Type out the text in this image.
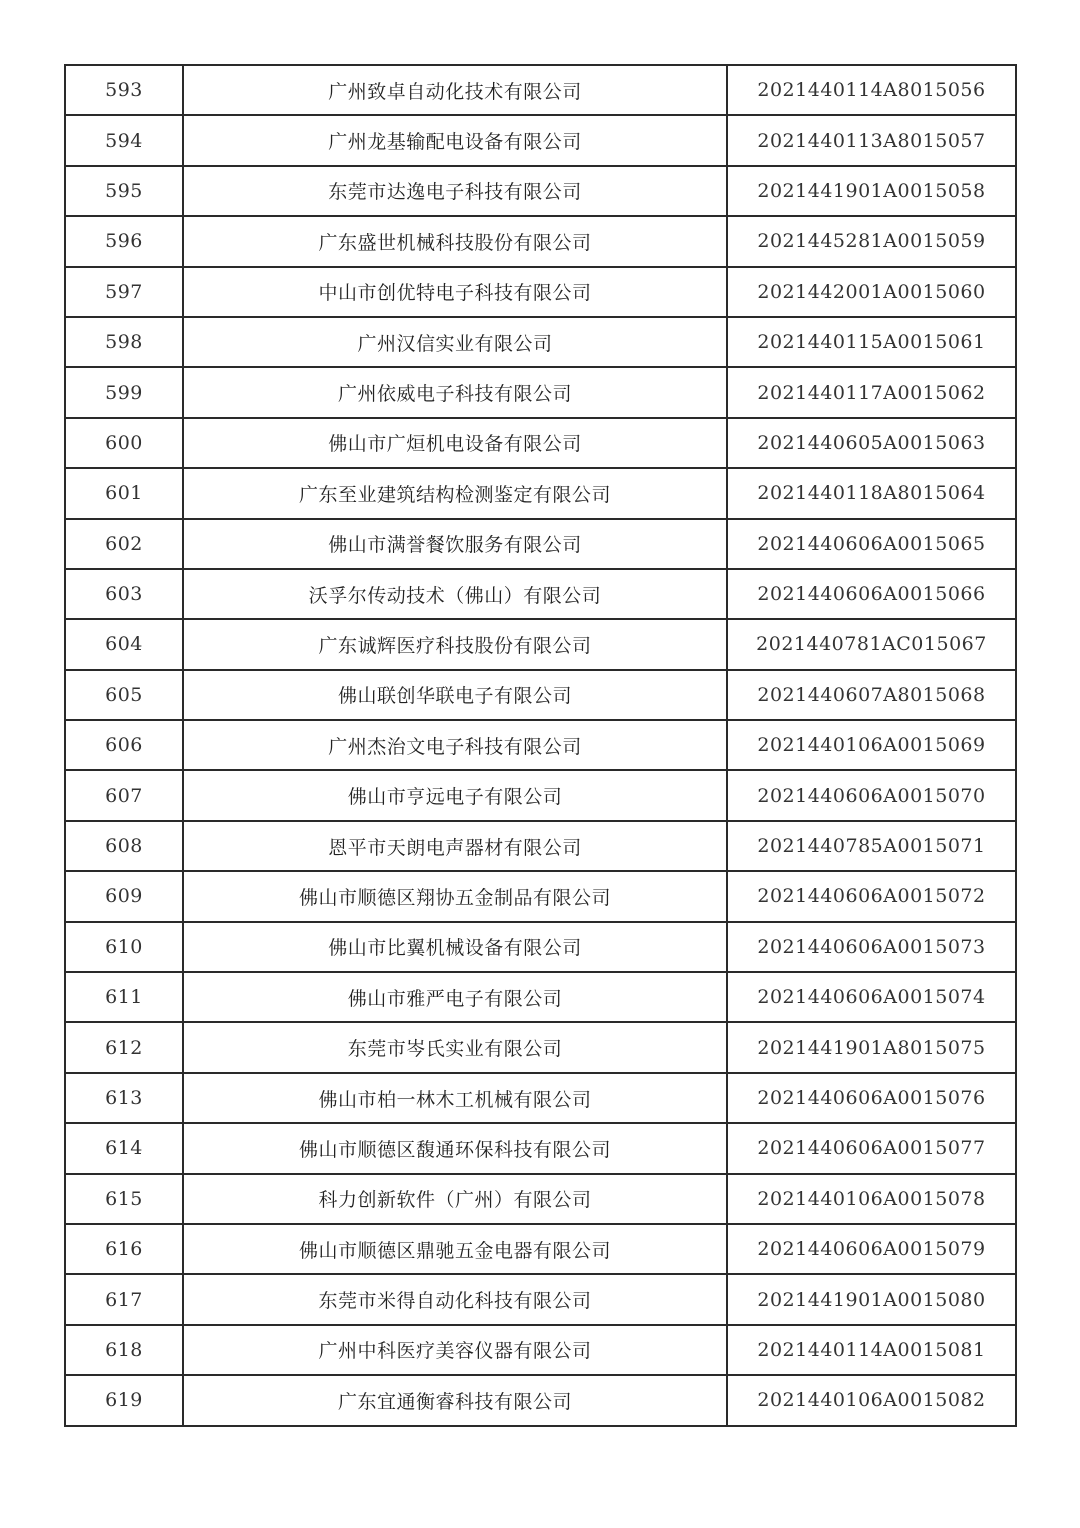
593	广州致卓自动化技术有限公司	2021440114A8015056
594	广州龙基输配电设备有限公司	2021440113A8015057
595	东莞市达逸电子科技有限公司	2021441901A0015058
596	广东盛世机械科技股份有限公司	2021445281A0015059
597	中山市创优特电子科技有限公司	2021442001A0015060
598	广州汉信实业有限公司	2021440115A0015061
599	广州依威电子科技有限公司	2021440117A0015062
600	佛山市广烜机电设备有限公司	2021440605A0015063
601	广东至业建筑结构检测鉴定有限公司	2021440118A8015064
602	佛山市满誉餐饮服务有限公司	2021440606A0015065
603	沃孚尔传动技术（佛山）有限公司	2021440606A0015066
604	广东诚辉医疗科技股份有限公司	2021440781AC015067
605	佛山联创华联电子有限公司	2021440607A8015068
606	广州杰治文电子科技有限公司	2021440106A0015069
607	佛山市亨远电子有限公司	2021440606A0015070
608	恩平市天朗电声器材有限公司	2021440785A0015071
609	佛山市顺德区翔协五金制品有限公司	2021440606A0015072
610	佛山市比翼机械设备有限公司	2021440606A0015073
611	佛山市雅严电子有限公司	2021440606A0015074
612	东莞市岑氏实业有限公司	2021441901A8015075
613	佛山市柏一林木工机械有限公司	2021440606A0015076
614	佛山市顺德区馥通环保科技有限公司	2021440606A0015077
615	科力创新软件（广州）有限公司	2021440106A0015078
616	佛山市顺德区鼎驰五金电器有限公司	2021440606A0015079
617	东莞市米得自动化科技有限公司	2021441901A0015080
618	广州中科医疗美容仪器有限公司	2021440114A0015081
619	广东宜通衡睿科技有限公司	2021440106A0015082
